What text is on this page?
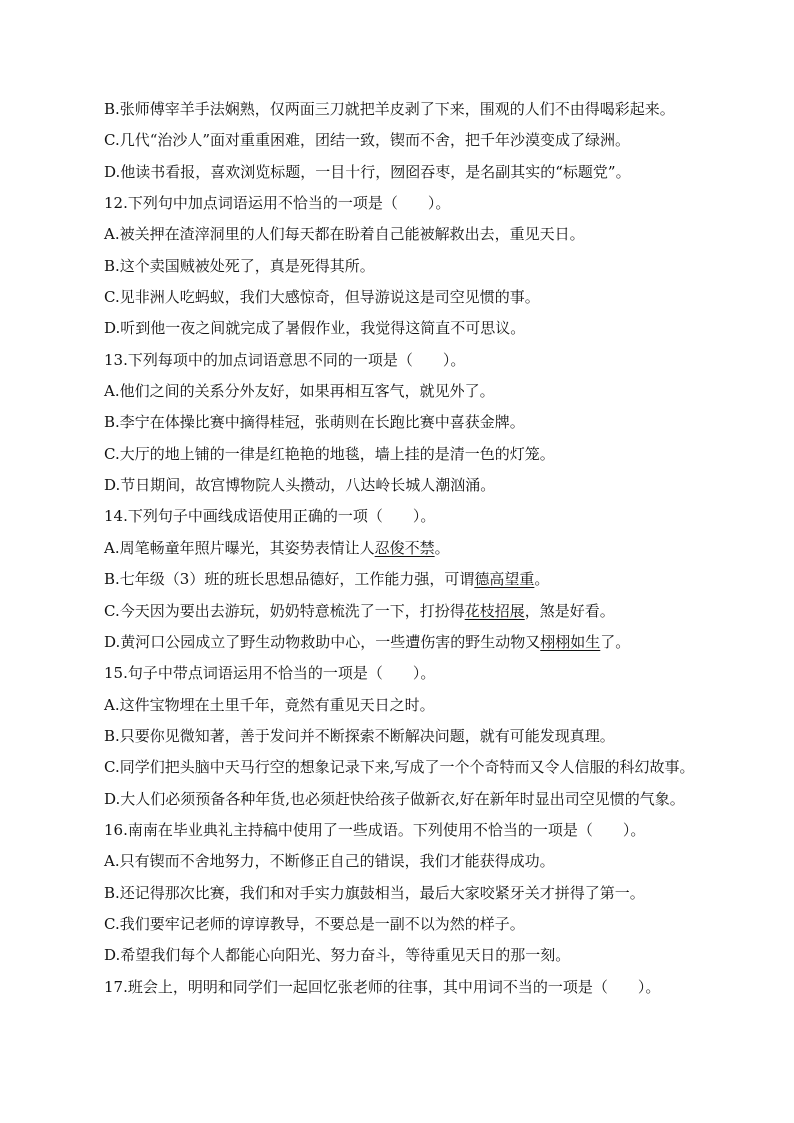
B.张师傅宰羊手法娴熟，仅两面三刀就把羊皮剥了下来，围观的人们不由得喝彩起来。
C.几代“治沙人”面对重重困难，团结一致，锲而不舍，把千年沙漠变成了绿洲。
D.他读书看报，喜欢浏览标题，一目十行，囫囵吞枣，是名副其实的“标题党”。
12.下列句中加点词语运用不恰当的一项是（　　）。
A.被关押在渣滓洞里的人们每天都在盼着自己能被解救出去，重见天日。
B.这个卖国贼被处死了，真是死得其所。
C.见非洲人吃蚂蚁，我们大感惊奇，但导游说这是司空见惯的事。
D.听到他一夜之间就完成了暑假作业，我觉得这简直不可思议。
13.下列每项中的加点词语意思不同的一项是（　　）。
A.他们之间的关系分外友好，如果再相互客气，就见外了。
B.李宁在体操比赛中摘得桂冠，张萌则在长跑比赛中喜获金牌。
C.大厅的地上铺的一律是红艳艳的地毯，墙上挂的是清一色的灯笼。
D.节日期间，故宫博物院人头攒动，八达岭长城人潮汹涌。
14.下列句子中画线成语使用正确的一项（　　）。
A.周笔畅童年照片曝光，其姿势表情让人忍俊不禁。
B.七年级（3）班的班长思想品德好，工作能力强，可谓德高望重。
C.今天因为要出去游玩，奶奶特意梳洗了一下，打扮得花枝招展，煞是好看。
D.黄河口公园成立了野生动物救助中心，一些遭伤害的野生动物又栩栩如生了。
15.句子中带点词语运用不恰当的一项是（　　）。
A.这件宝物埋在土里千年，竟然有重见天日之时。
B.只要你见微知著，善于发问并不断探索不断解决问题，就有可能发现真理。
C.同学们把头脑中天马行空的想象记录下来,写成了一个个奇特而又令人信服的科幻故事。
D.大人们必须预备各种年货,也必须赶快给孩子做新衣,好在新年时显出司空见惯的气象。
16.南南在毕业典礼主持稿中使用了一些成语。下列使用不恰当的一项是（　　）。
A.只有锲而不舍地努力，不断修正自己的错误，我们才能获得成功。
B.还记得那次比赛，我们和对手实力旗鼓相当，最后大家咬紧牙关才拼得了第一。
C.我们要牢记老师的谆谆教导，不要总是一副不以为然的样子。
D.希望我们每个人都能心向阳光、努力奋斗，等待重见天日的那一刻。
17.班会上，明明和同学们一起回忆张老师的往事，其中用词不当的一项是（　　）。
